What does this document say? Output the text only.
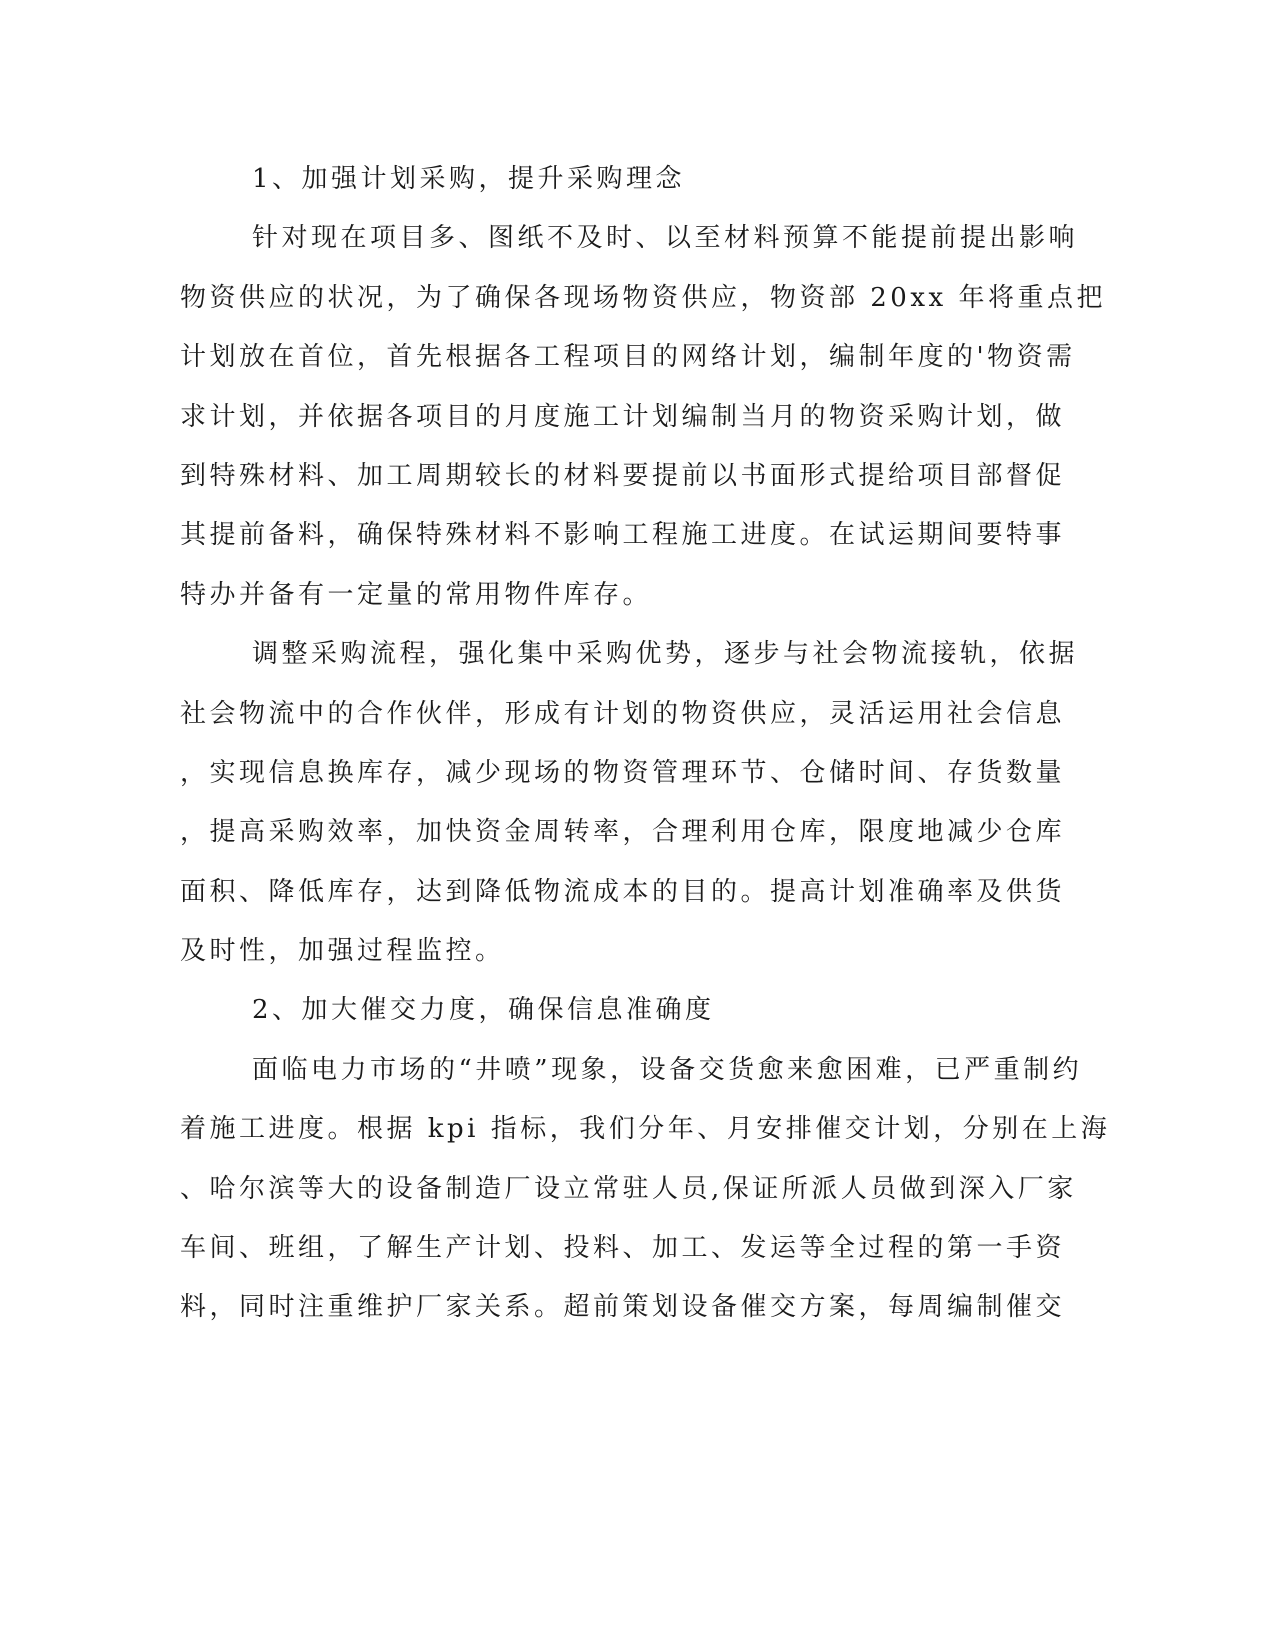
1、加强计划采购，提升采购理念
针对现在项目多、图纸不及时、以至材料预算不能提前提出影响
物资供应的状况，为了确保各现场物资供应，物资部 20xx 年将重点把
计划放在首位，首先根据各工程项目的网络计划，编制年度的'物资需
求计划，并依据各项目的月度施工计划编制当月的物资采购计划，做
到特殊材料、加工周期较长的材料要提前以书面形式提给项目部督促
其提前备料，确保特殊材料不影响工程施工进度。在试运期间要特事
特办并备有一定量的常用物件库存。
调整采购流程，强化集中采购优势，逐步与社会物流接轨，依据
社会物流中的合作伙伴，形成有计划的物资供应，灵活运用社会信息
，实现信息换库存，减少现场的物资管理环节、仓储时间、存货数量
，提高采购效率，加快资金周转率，合理利用仓库，限度地减少仓库
面积、降低库存，达到降低物流成本的目的。提高计划准确率及供货
及时性，加强过程监控。
2、加大催交力度，确保信息准确度
面临电力市场的“井喷”现象，设备交货愈来愈困难，已严重制约
着施工进度。根据 kpi 指标，我们分年、月安排催交计划，分别在上海
、哈尔滨等大的设备制造厂设立常驻人员,保证所派人员做到深入厂家
车间、班组，了解生产计划、投料、加工、发运等全过程的第一手资
料，同时注重维护厂家关系。超前策划设备催交方案，每周编制催交
